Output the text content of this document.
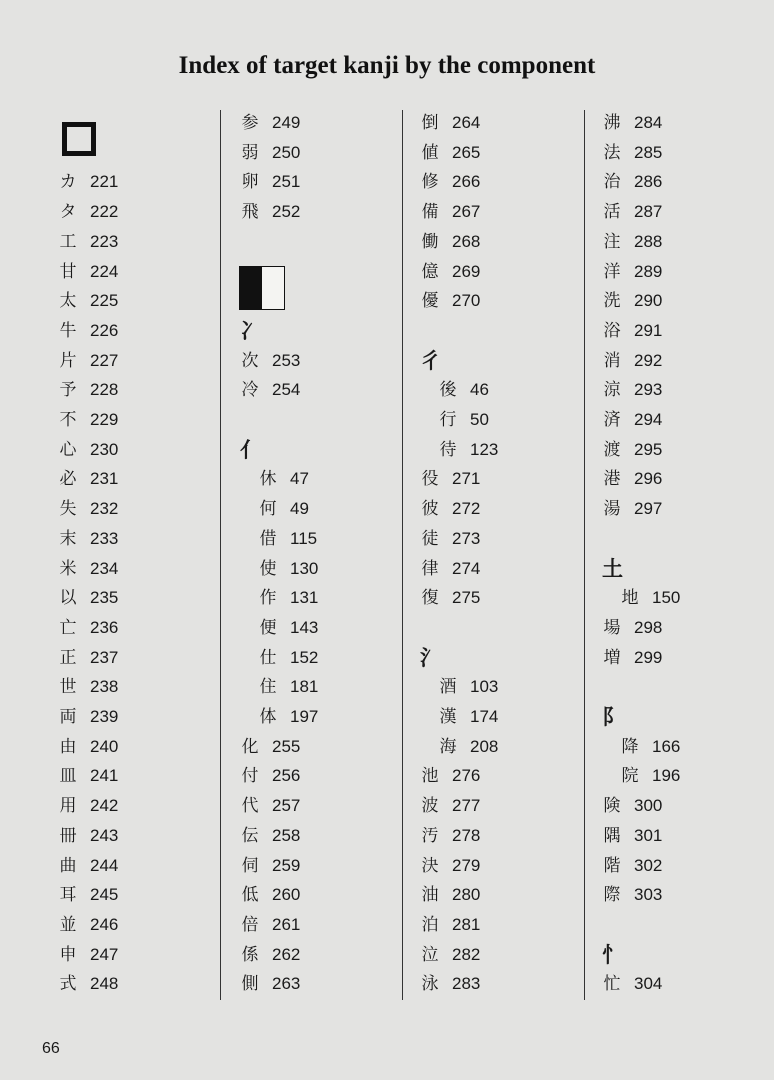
Index of target kanji by the component
カ 221
タ 222
工 223
甘 224
太 225
牛 226
片 227
予 228
不 229
心 230
必 231
失 232
末 233
米 234
以 235
亡 236
正 237
世 238
両 239
由 240
皿 241
用 242
冊 243
曲 244
耳 245
並 246
申 247
式 248
参 249
弱 250
卵 251
飛 252
冫
次 253
冷 254
亻
休 47
何 49
借 115
使 130
作 131
便 143
仕 152
住 181
体 197
化 255
付 256
代 257
伝 258
伺 259
低 260
倍 261
係 262
側 263
倒 264
値 265
修 266
備 267
働 268
億 269
優 270
彳
後 46
行 50
待 123
役 271
彼 272
徒 273
律 274
復 275
氵
酒 103
漢 174
海 208
池 276
波 277
汚 278
決 279
油 280
泊 281
泣 282
泳 283
沸 284
法 285
治 286
活 287
注 288
洋 289
洗 290
浴 291
消 292
涼 293
済 294
渡 295
港 296
湯 297
土
地 150
場 298
増 299
阝
降 166
院 196
険 300
隅 301
階 302
際 303
忄
忙 304
66
